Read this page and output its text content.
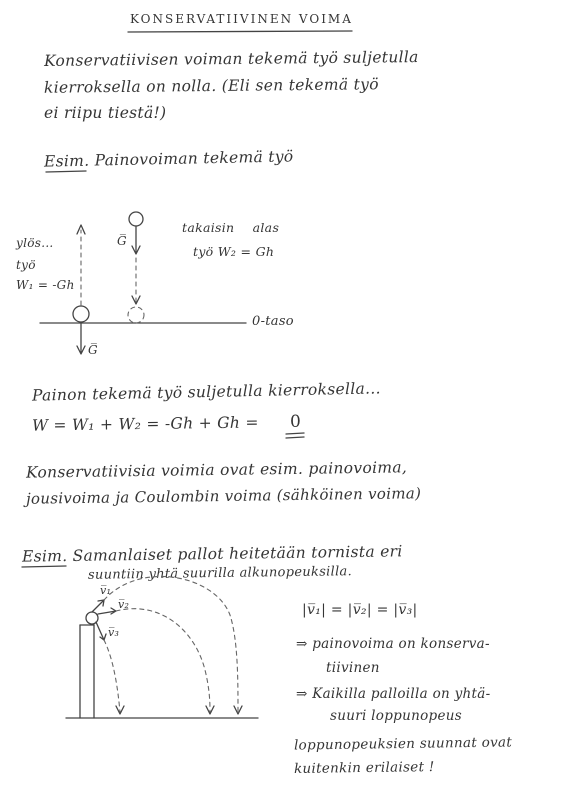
KONSERVATIIVINEN VOIMA
Konservatiivisen voiman tekemä työ suljetulla
kierroksella on nolla. (Eli sen tekemä työ
ei riipu tiestä!)
Esim. Painovoiman tekemä työ
ylös...
työ
W₁ = -Gh
G̅
G̅
takaisin alas
työ W₂ = Gh
0-taso
Painon tekemä työ suljetulla kierroksella...
W = W₁ + W₂ = -Gh + Gh = 0
Konservatiivisia voimia ovat esim. painovoima,
jousivoima ja Coulombin voima (sähköinen voima)
Esim. Samanlaiset pallot heitetään tornista eri
suuntiin yhtä suurilla alkunopeuksilla.
v̅₁
v̅₂
v̅₃
|v̅₁| = |v̅₂| = |v̅₃|
⇒ painovoima on konserva-
tiivinen
⇒ Kaikilla palloilla on yhtä-
suuri loppunopeus
loppunopeuksien suunnat ovat
kuitenkin erilaiset !
